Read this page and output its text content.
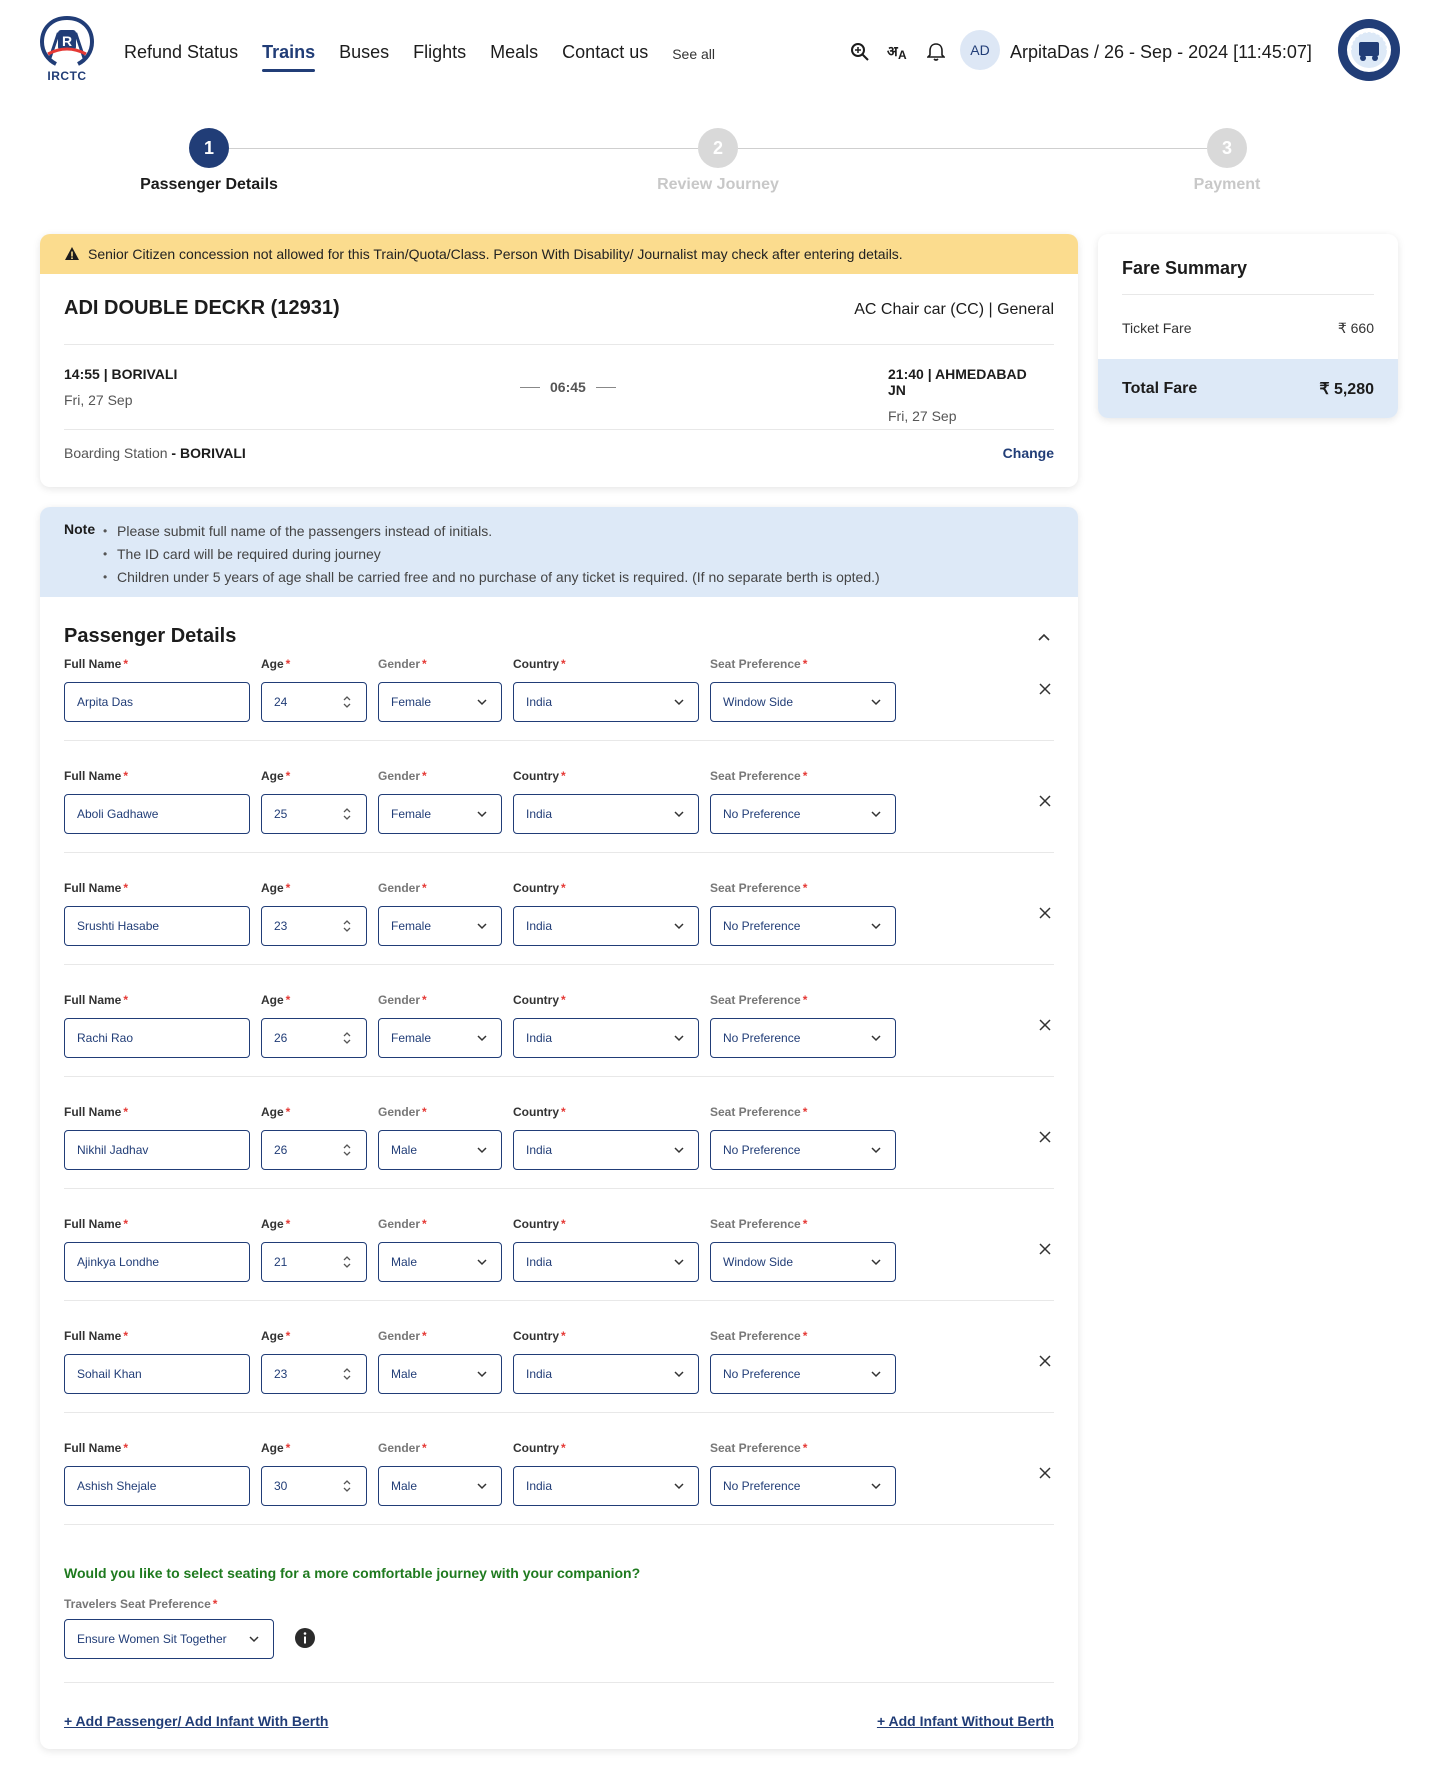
R
IRCTC
Refund Status Trains Buses Flights Meals Contact us See all	अ A	AD	ArpitaDas / 26 - Sep - 2024 [11:45:07]
1
Passenger Details
2
Review Journey
3
Payment
Senior Citizen concession not allowed for this Train/Quota/Class. Person With Disability/ Journalist may check after entering details.
ADI DOUBLE DECKR (12931)	AC Chair car (CC) | General
14:55 | BORIVALI
Fri, 27 Sep
06:45
21:40 | AHMEDABAD JN
Fri, 27 Sep
Boarding Station - BORIVALI	Change
Fare Summary
Ticket Fare	₹ 660
Total Fare	₹ 5,280
Note	• Please submit full name of the passengers instead of initials.
• The ID card will be required during journey
• Children under 5 years of age shall be carried free and no purchase of any ticket is required. (If no separate berth is opted.)
Passenger Details
Full Name *
Arpita Das
Age *
24
Gender *
Female
Country *
India
Seat Preference *
Window Side
Full Name *
Aboli Gadhawe
Age *
25
Gender *
Female
Country *
India
Seat Preference *
No Preference
Full Name *
Srushti Hasabe
Age *
23
Gender *
Female
Country *
India
Seat Preference *
No Preference
Full Name *
Rachi Rao
Age *
26
Gender *
Female
Country *
India
Seat Preference *
No Preference
Full Name *
Nikhil Jadhav
Age *
26
Gender *
Male
Country *
India
Seat Preference *
No Preference
Full Name *
Ajinkya Londhe
Age *
21
Gender *
Male
Country *
India
Seat Preference *
Window Side
Full Name *
Sohail Khan
Age *
23
Gender *
Male
Country *
India
Seat Preference *
No Preference
Full Name *
Ashish Shejale
Age *
30
Gender *
Male
Country *
India
Seat Preference *
No Preference
Would you like to select seating for a more comfortable journey with your companion?
Travelers Seat Preference *
Ensure Women Sit Together
+ Add Passenger/ Add Infant With Berth	+ Add Infant Without Berth
